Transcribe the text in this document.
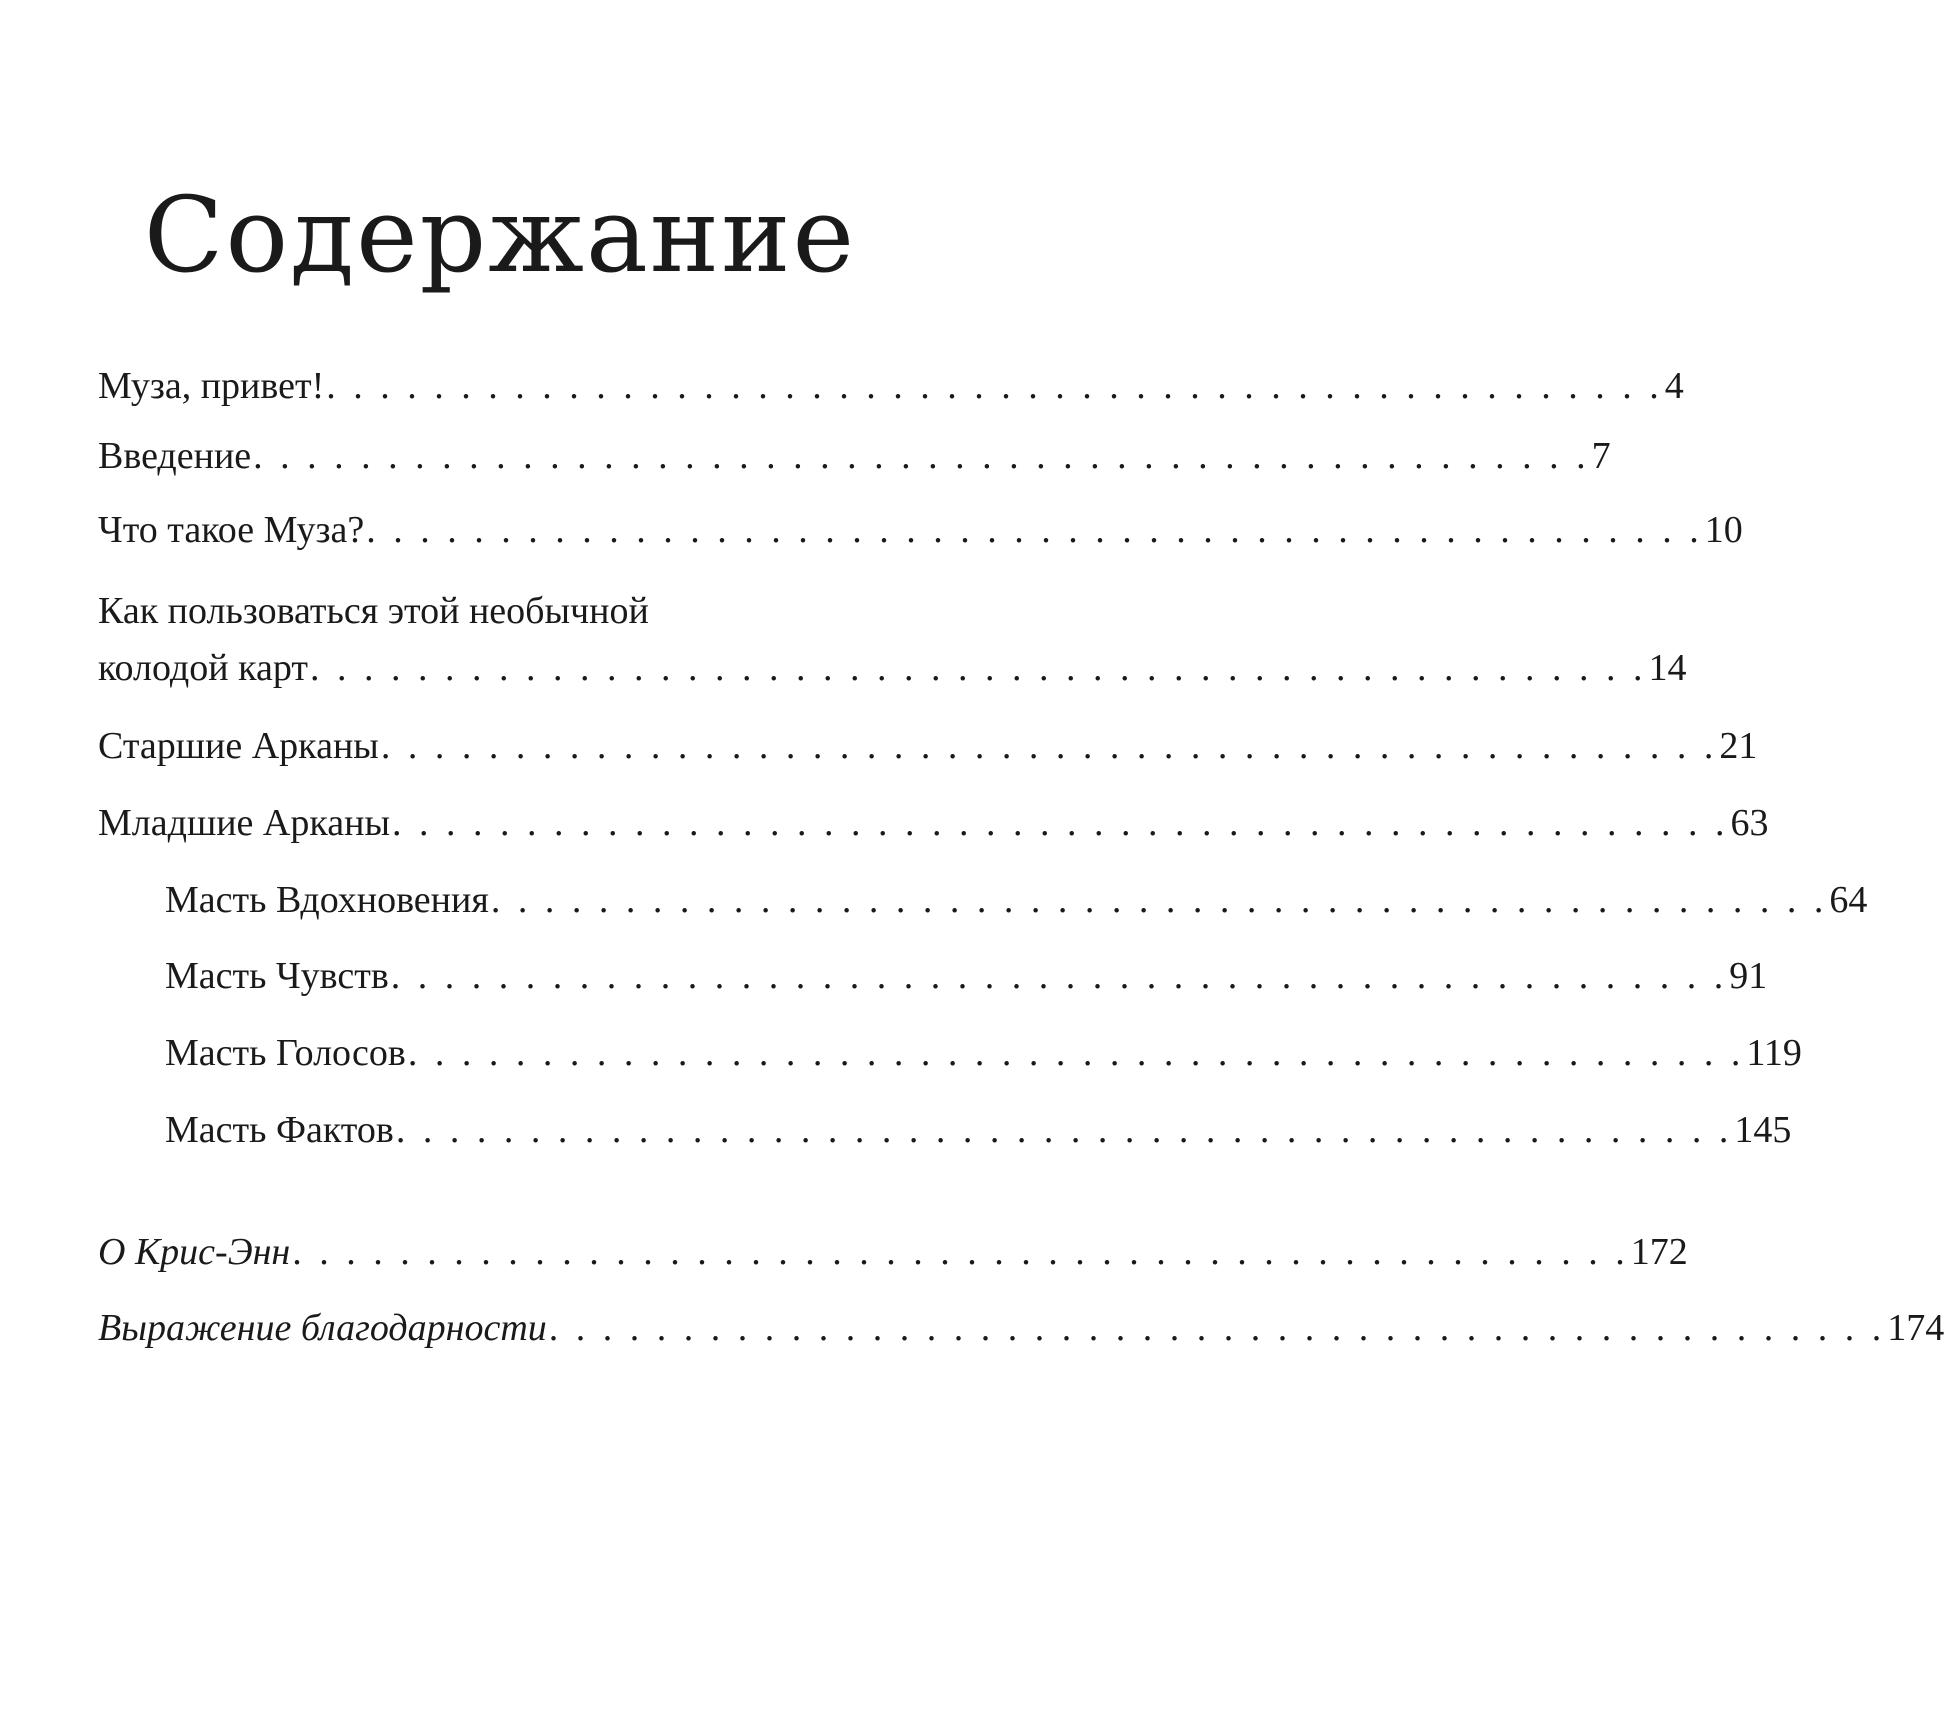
Содержание
Муза, привет! . . . . . . . . . . . . . . . . . . . . . . . . . . . . . . . . . . . . . . . . . . . . . . . . . . 4
Введение . . . . . . . . . . . . . . . . . . . . . . . . . . . . . . . . . . . . . . . . . . . . . . . . . . 7
Что такое Муза? . . . . . . . . . . . . . . . . . . . . . . . . . . . . . . . . . . . . . . . . . . . . . . . . . . 10
Как пользоваться этой необычной
колодой карт . . . . . . . . . . . . . . . . . . . . . . . . . . . . . . . . . . . . . . . . . . . . . . . . . . 14
Старшие Арканы . . . . . . . . . . . . . . . . . . . . . . . . . . . . . . . . . . . . . . . . . . . . . . . . . . 21
Младшие Арканы . . . . . . . . . . . . . . . . . . . . . . . . . . . . . . . . . . . . . . . . . . . . . . . . . . 63
Масть Вдохновения . . . . . . . . . . . . . . . . . . . . . . . . . . . . . . . . . . . . . . . . . . . . . . . . . . 64
Масть Чувств . . . . . . . . . . . . . . . . . . . . . . . . . . . . . . . . . . . . . . . . . . . . . . . . . . 91
Масть Голосов . . . . . . . . . . . . . . . . . . . . . . . . . . . . . . . . . . . . . . . . . . . . . . . . . . 119
Масть Фактов . . . . . . . . . . . . . . . . . . . . . . . . . . . . . . . . . . . . . . . . . . . . . . . . . . 145
О Крис-Энн . . . . . . . . . . . . . . . . . . . . . . . . . . . . . . . . . . . . . . . . . . . . . . . . . . 172
Выражение благодарности . . . . . . . . . . . . . . . . . . . . . . . . . . . . . . . . . . . . . . . . . . . . . . . . . . 174
